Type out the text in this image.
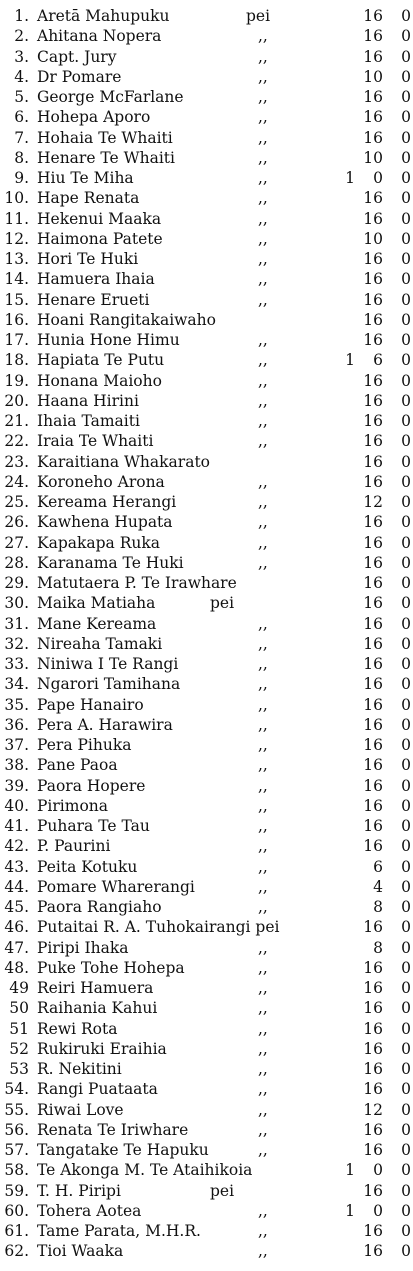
1. Aretā Mahupuku	pei	16 0
2. Ahitana Nopera	,,	16 0
3. Capt. Jury	,,	16 0
4. Dr Pomare	,,	10 0
5. George McFarlane	,,	16 0
6. Hohepa Aporo	,,	16 0
7. Hohaia Te Whaiti	,,	16 0
8. Henare Te Whaiti	,,	10 0
9. Hiu Te Miha	,,	1	0 0
10. Hape Renata	,,	16 0
11. Hekenui Maaka	,,	16 0
12. Haimona Patete	,,	10 0
13. Hori Te Huki	,,	16 0
14. Hamuera Ihaia	,,	16 0
15. Henare Erueti	,,	16 0
16. Hoani Rangitakaiwaho	16 0
17. Hunia Hone Himu	,,	16 0
18. Hapiata Te Putu	,,	1	6 0
19. Honana Maioho	,,	16 0
20. Haana Hirini	,,	16 0
21. Ihaia Tamaiti	,,	16 0
22. Iraia Te Whaiti	,,	16 0
23. Karaitiana Whakarato	16 0
24. Koroneho Arona	,,	16 0
25. Kereama Herangi	,,	12 0
26. Kawhena Hupata	,,	16 0
27. Kapakapa Ruka	,,	16 0
28. Karanama Te Huki	,,	16 0
29. Matutaera P. Te Irawhare	16 0
30. Maika Matiaha	pei	16 0
31. Mane Kereama	,,	16 0
32. Nireaha Tamaki	,,	16 0
33. Niniwa I Te Rangi	,,	16 0
34. Ngarori Tamihana	,,	16 0
35. Pape Hanairo	,,	16 0
36. Pera A. Harawira	,,	16 0
37. Pera Pihuka	,,	16 0
38. Pane Paoa	,,	16 0
39. Paora Hopere	,,	16 0
40. Pirimona	,,	16 0
41. Puhara Te Tau	,,	16 0
42. P. Paurini	,,	16 0
43. Peita Kotuku	,,	6 0
44. Pomare Wharerangi	,,	4 0
45. Paora Rangiaho	,,	8 0
46. Putaitai R. A. Tuhokairangi pei	16 0
47. Piripi Ihaka	,,	8 0
48. Puke Tohe Hohepa	,,	16 0
49 Reiri Hamuera	,,	16 0
50 Raihania Kahui	,,	16 0
51 Rewi Rota	,,	16 0
52 Rukiruki Eraihia	,,	16 0
53 R. Nekitini	,,	16 0
54. Rangi Puataata	,,	16 0
55. Riwai Love	,,	12 0
56. Renata Te Iriwhare	,,	16 0
57. Tangatake Te Hapuku	,,	16 0
58. Te Akonga M. Te Ataihikoia	1	0 0
59. T. H. Piripi	pei	16 0
60. Tohera Aotea	,,	1	0 0
61. Tame Parata, M.H.R.	,,	16 0
62. Tioi Waaka	,,	16 0
